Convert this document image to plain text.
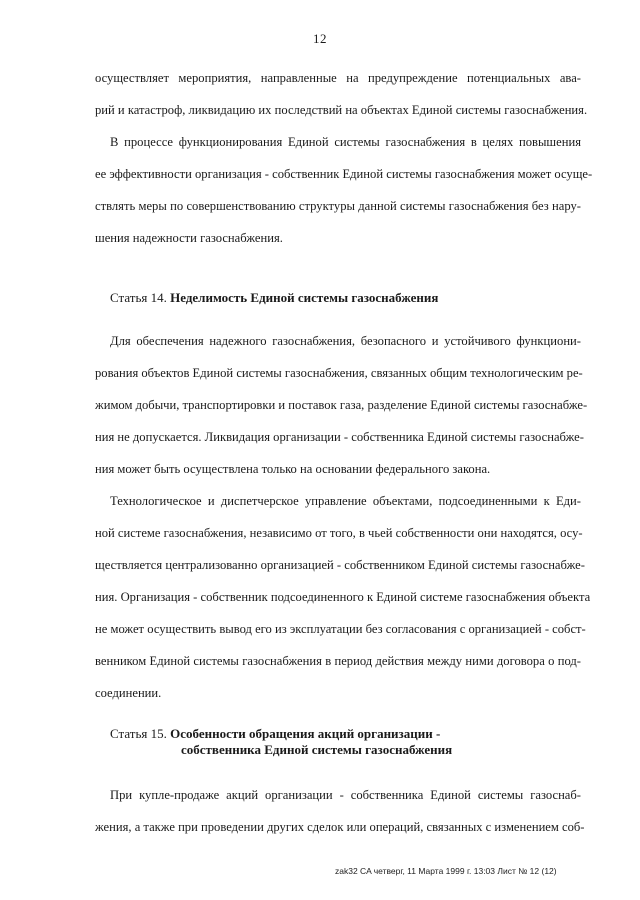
12
осуществляет мероприятия, направленные на предупреждение потенциальных ава-
рий и катастроф, ликвидацию их последствий на объектах Единой системы газоснабжения.
В процессе функционирования Единой системы газоснабжения в целях повышения
ее эффективности организация - собственник Единой системы газоснабжения может осуще-
ствлять меры по совершенствованию структуры данной системы газоснабжения без нару-
шения надежности газоснабжения.
Статья 14. Неделимость Единой системы газоснабжения
Для обеспечения надежного газоснабжения, безопасного и устойчивого функциони-
рования объектов Единой системы газоснабжения, связанных общим технологическим ре-
жимом добычи, транспортировки и поставок газа, разделение Единой системы газоснабже-
ния не допускается. Ликвидация организации - собственника Единой системы газоснабже-
ния может быть осуществлена только на основании федерального закона.
Технологическое и диспетчерское управление объектами, подсоединенными к Еди-
ной системе газоснабжения, независимо от того, в чьей собственности они находятся, осу-
ществляется централизованно организацией - собственником Единой системы газоснабже-
ния. Организация - собственник подсоединенного к Единой системе газоснабжения объекта
не может осуществить вывод его из эксплуатации без согласования с организацией - собст-
венником Единой системы газоснабжения в период действия между ними договора о под-
соединении.
Статья 15. Особенности обращения акций организации -
собственника Единой системы газоснабжения
При купле-продаже акций организации - собственника Единой системы газоснаб-
жения, а также при проведении других сделок или операций, связанных с изменением соб-
zak32 CA четверг, 11 Марта 1999 г. 13:03 Лист № 12 (12)
